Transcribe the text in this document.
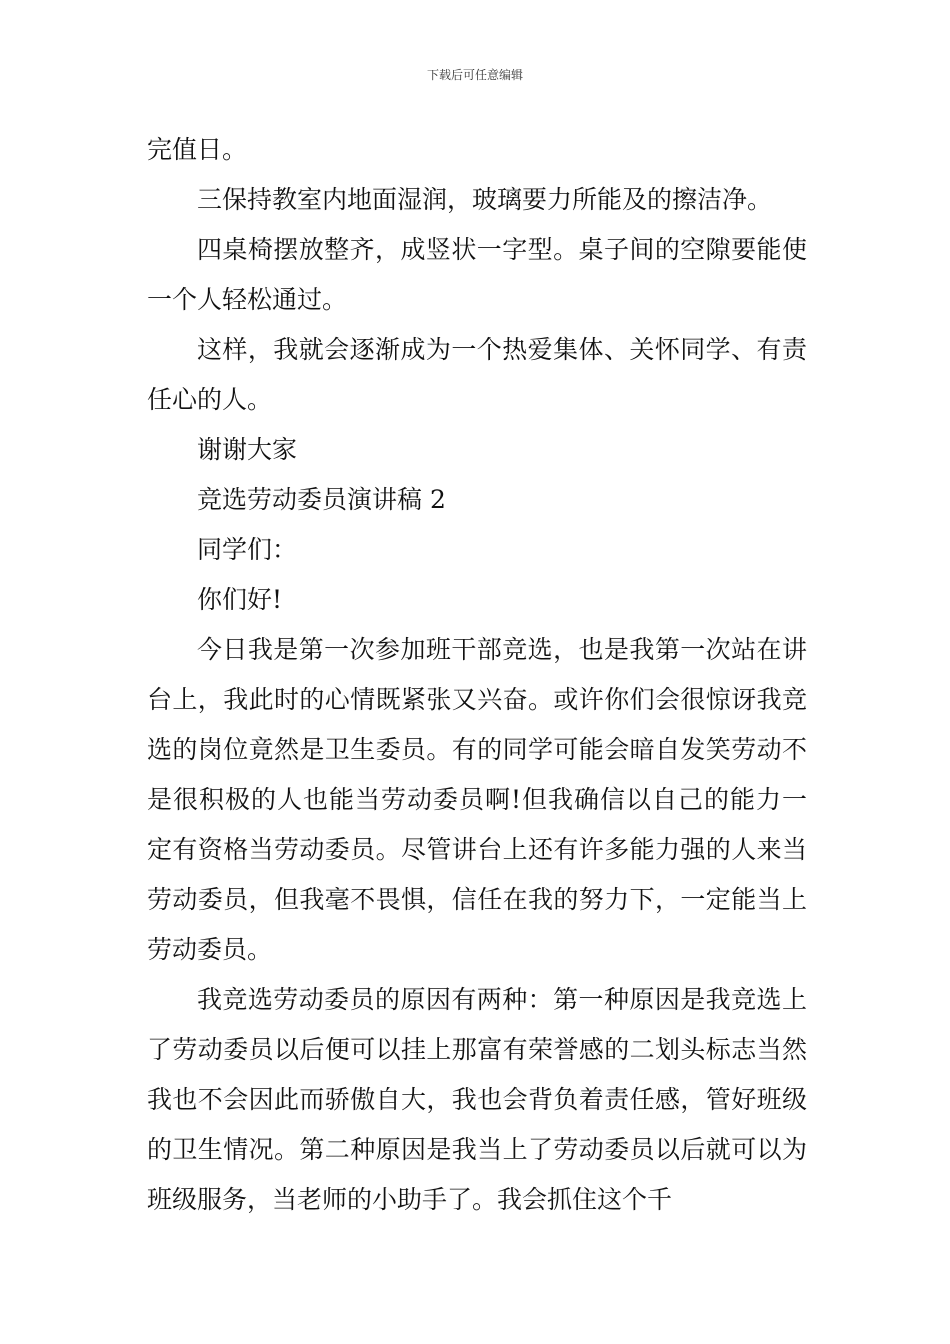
下载后可任意编辑

完值日。

三保持教室内地面湿润，玻璃要力所能及的擦洁净。

四桌椅摆放整齐，成竖状一字型。桌子间的空隙要能使一个人轻松通过。

这样，我就会逐渐成为一个热爱集体、关怀同学、有责任心的人。

谢谢大家

竞选劳动委员演讲稿 2

同学们：

你们好!

今日我是第一次参加班干部竞选，也是我第一次站在讲台上，我此时的心情既紧张又兴奋。或许你们会很惊讶我竞选的岗位竟然是卫生委员。有的同学可能会暗自发笑劳动不是很积极的人也能当劳动委员啊!但我确信以自己的能力一定有资格当劳动委员。尽管讲台上还有许多能力强的人来当劳动委员，但我毫不畏惧，信任在我的努力下，一定能当上劳动委员。

我竞选劳动委员的原因有两种：第一种原因是我竞选上了劳动委员以后便可以挂上那富有荣誉感的二划头标志当然我也不会因此而骄傲自大，我也会背负着责任感，管好班级的卫生情况。第二种原因是我当上了劳动委员以后就可以为班级服务，当老师的小助手了。我会抓住这个千
